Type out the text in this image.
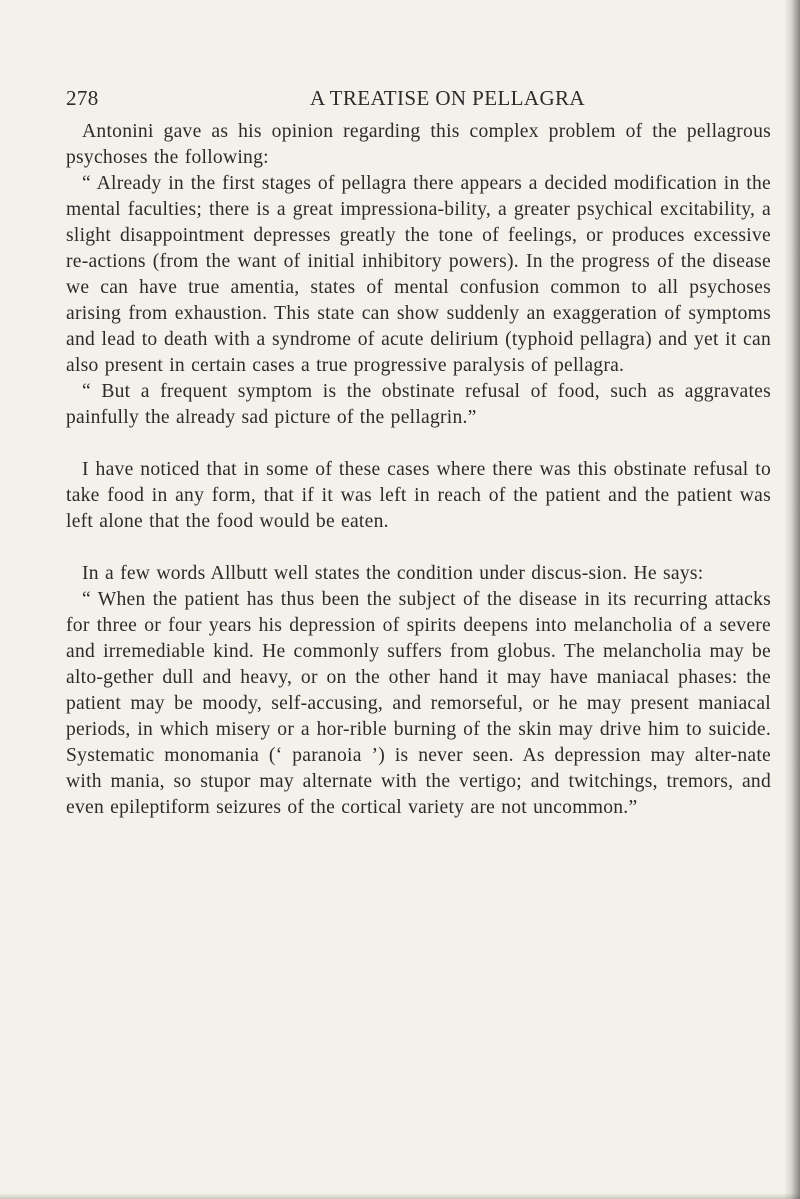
278	A TREATISE ON PELLAGRA

Antonini gave as his opinion regarding this complex problem of the pellagrous psychoses the following:

“ Already in the first stages of pellagra there appears a decided modification in the mental faculties; there is a great impressiona-bility, a greater psychical excitability, a slight disappointment depresses greatly the tone of feelings, or produces excessive re-actions (from the want of initial inhibitory powers). In the progress of the disease we can have true amentia, states of mental confusion common to all psychoses arising from exhaustion. This state can show suddenly an exaggeration of symptoms and lead to death with a syndrome of acute delirium (typhoid pellagra) and yet it can also present in certain cases a true progressive paralysis of pellagra.

“ But a frequent symptom is the obstinate refusal of food, such as aggravates painfully the already sad picture of the pellagrin.”

I have noticed that in some of these cases where there was this obstinate refusal to take food in any form, that if it was left in reach of the patient and the patient was left alone that the food would be eaten.

In a few words Allbutt well states the condition under discus-sion. He says:

“ When the patient has thus been the subject of the disease in its recurring attacks for three or four years his depression of spirits deepens into melancholia of a severe and irremediable kind. He commonly suffers from globus. The melancholia may be alto-gether dull and heavy, or on the other hand it may have maniacal phases: the patient may be moody, self-accusing, and remorseful, or he may present maniacal periods, in which misery or a hor-rible burning of the skin may drive him to suicide. Systematic monomania (‘ paranoia ’) is never seen. As depression may alter-nate with mania, so stupor may alternate with the vertigo; and twitchings, tremors, and even epileptiform seizures of the cortical variety are not uncommon.”
